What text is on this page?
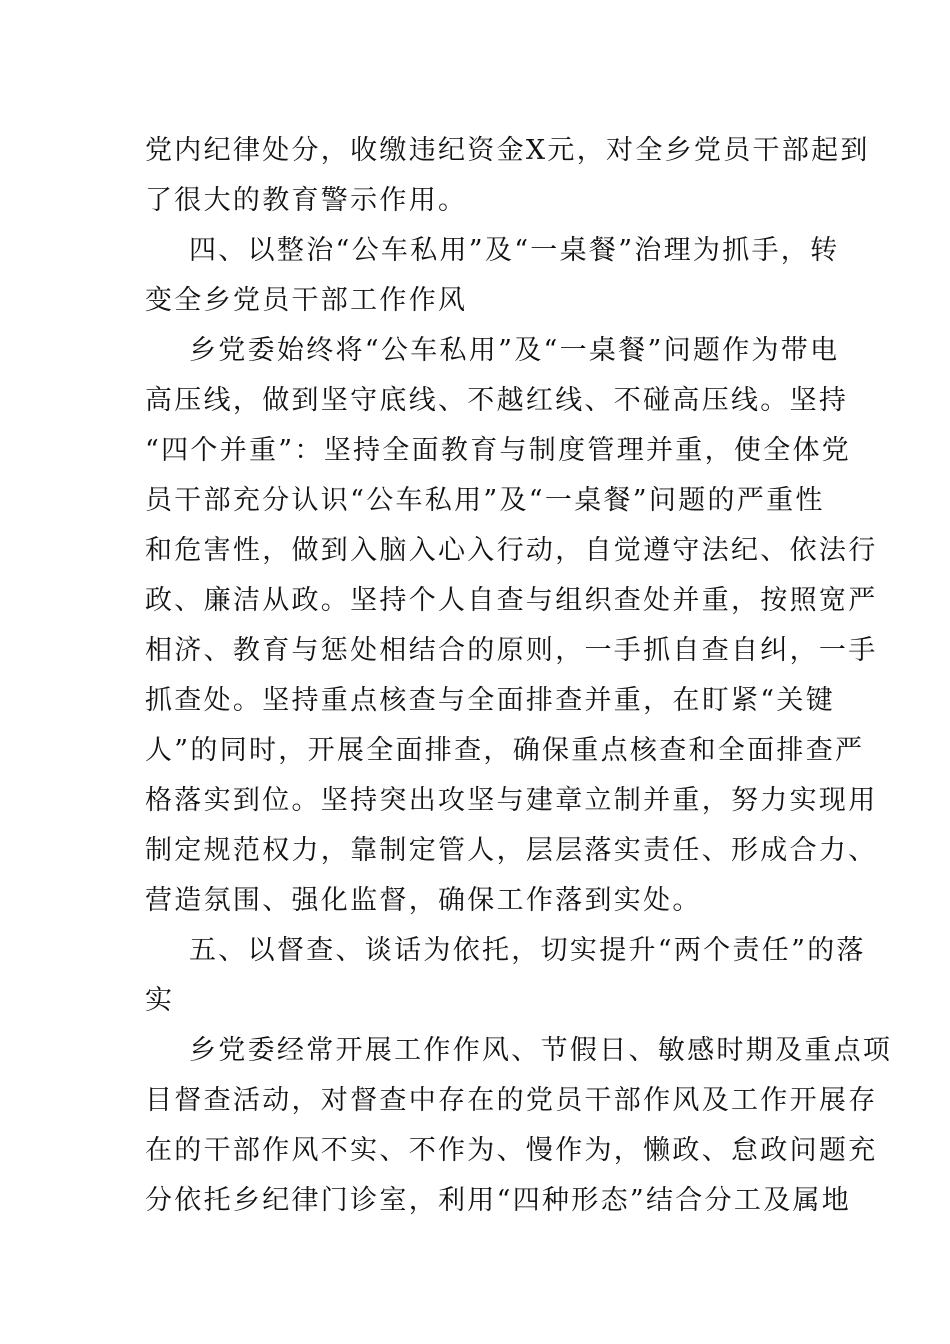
党内纪律处分，收缴违纪资金X元，对全乡党员干部起到
了很大的教育警示作用。
四、以整治“公车私用”及“一桌餐”治理为抓手，转
变全乡党员干部工作作风
乡党委始终将“公车私用”及“一桌餐”问题作为带电
高压线，做到坚守底线、不越红线、不碰高压线。坚持
“四个并重”：坚持全面教育与制度管理并重，使全体党
员干部充分认识“公车私用”及“一桌餐”问题的严重性
和危害性，做到入脑入心入行动，自觉遵守法纪、依法行
政、廉洁从政。坚持个人自查与组织查处并重，按照宽严
相济、教育与惩处相结合的原则，一手抓自查自纠，一手
抓查处。坚持重点核查与全面排查并重，在盯紧“关键
人”的同时，开展全面排查，确保重点核查和全面排查严
格落实到位。坚持突出攻坚与建章立制并重，努力实现用
制定规范权力，靠制定管人，层层落实责任、形成合力、
营造氛围、强化监督，确保工作落到实处。
五、以督查、谈话为依托，切实提升“两个责任”的落
实
乡党委经常开展工作作风、节假日、敏感时期及重点项
目督查活动，对督查中存在的党员干部作风及工作开展存
在的干部作风不实、不作为、慢作为，懒政、怠政问题充
分依托乡纪律门诊室，利用“四种形态”结合分工及属地
